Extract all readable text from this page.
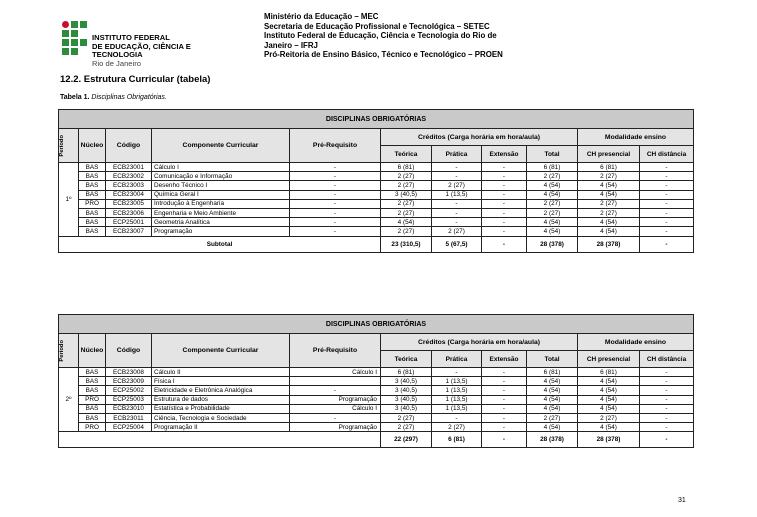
INSTITUTO FEDERAL
DE EDUCAÇÃO, CIÊNCIA E TECNOLOGIA
Rio de Janeiro
Ministério da Educação – MEC
Secretaria de Educação Profissional e Tecnológica – SETEC
Instituto Federal de Educação, Ciência e Tecnologia do Rio de
Janeiro – IFRJ
Pró-Reitoria de Ensino Básico, Técnico e Tecnológico – PROEN
12.2. Estrutura Curricular (tabela)
Tabela 1. Disciplinas Obrigatórias.
DISCIPLINAS OBRIGATÓRIAS										

Período	Núcleo	Código	Componente Curricular	Pré-Requisito	Créditos (Carga horária em hora/aula)				Modalidade ensino	
					Teórica	Prática	Extensão	Total	CH presencial	CH distância
1º	BAS	ECB23001	Cálculo I	-	6 (81)	-	-	6 (81)	6 (81)	-
	BAS	ECB23002	Comunicação e Informação	-	2 (27)	-	-	2 (27)	2 (27)	-
	BAS	ECB23003	Desenho Técnico I	-	2 (27)	2 (27)	-	4 (54)	4 (54)	-
	BAS	ECB23004	Química Geral I	-	3 (40,5)	1 (13,5)	-	4 (54)	4 (54)	-
	PRO	ECB23005	Introdução à Engenharia	-	2 (27)	-	-	2 (27)	2 (27)	-
	BAS	ECB23006	Engenharia e Meio Ambiente	-	2 (27)	-	-	2 (27)	2 (27)	-
	BAS	ECP25001	Geometria Analítica	-	4 (54)	-	-	4 (54)	4 (54)	-
	BAS	ECB23007	Programação	-	2 (27)	2 (27)	-	4 (54)	4 (54)	-
Subtotal					23 (310,5)	5 (67,5)	-	28 (378)	28 (378)	-
DISCIPLINAS OBRIGATÓRIAS										

Período	Núcleo	Código	Componente Curricular	Pré-Requisito	Créditos (Carga horária em hora/aula)				Modalidade ensino	
					Teórica	Prática	Extensão	Total	CH presencial	CH distância
2º	BAS	ECB23008	Cálculo II	Cálculo I	6 (81)	-	-	6 (81)	6 (81)	-
	BAS	ECB23009	Física I		3 (40,5)	1 (13,5)	-	4 (54)	4 (54)	-
	BAS	ECP25002	Eletricidade e Eletrônica Analógica	-	3 (40,5)	1 (13,5)	-	4 (54)	4 (54)	-
	PRO	ECP25003	Estrutura de dados	Programação	3 (40,5)	1 (13,5)	-	4 (54)	4 (54)	-
	BAS	ECB23010	Estatística e Probabilidade	Cálculo I	3 (40,5)	1 (13,5)	-	4 (54)	4 (54)	-
	BAS	ECB23011	Ciência, Tecnologia e Sociedade	-	2 (27)	-	-	2 (27)	2 (27)	-
	PRO	ECP25004	Programação II	Programação	2 (27)	2 (27)	-	4 (54)	4 (54)	-
					22 (297)	6 (81)	-	28 (378)	28 (378)	-
31
